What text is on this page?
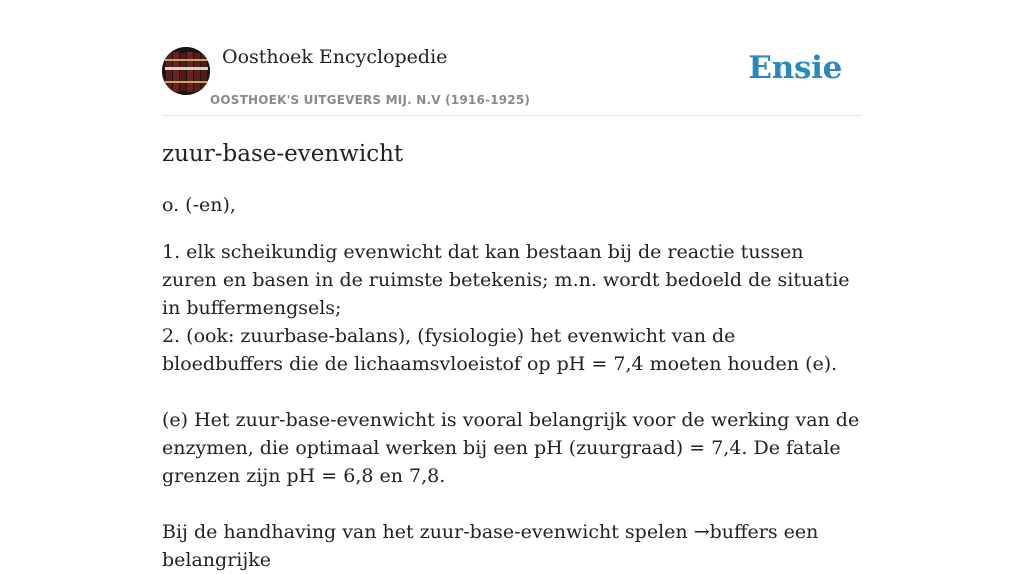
Oosthoek Encyclopedie
OOSTHOEK'S UITGEVERS MIJ. N.V (1916-1925)
Ensie
zuur-base-evenwicht

o. (-en),

1. elk scheikundig evenwicht dat kan bestaan bij de reactie tussen zuren en basen in de ruimste betekenis; m.n. wordt bedoeld de situatie in buffermengsels;
2. (ook: zuurbase-balans), (fysiologie) het evenwicht van de bloedbuffers die de lichaamsvloeistof op pH = 7,4 moeten houden (e).

(e) Het zuur-base-evenwicht is vooral belangrijk voor de werking van de enzymen, die optimaal werken bij een pH (zuurgraad) = 7,4. De fatale grenzen zijn pH = 6,8 en 7,8.

Bij de handhaving van het zuur-base-evenwicht spelen →buffers een belangrijke
